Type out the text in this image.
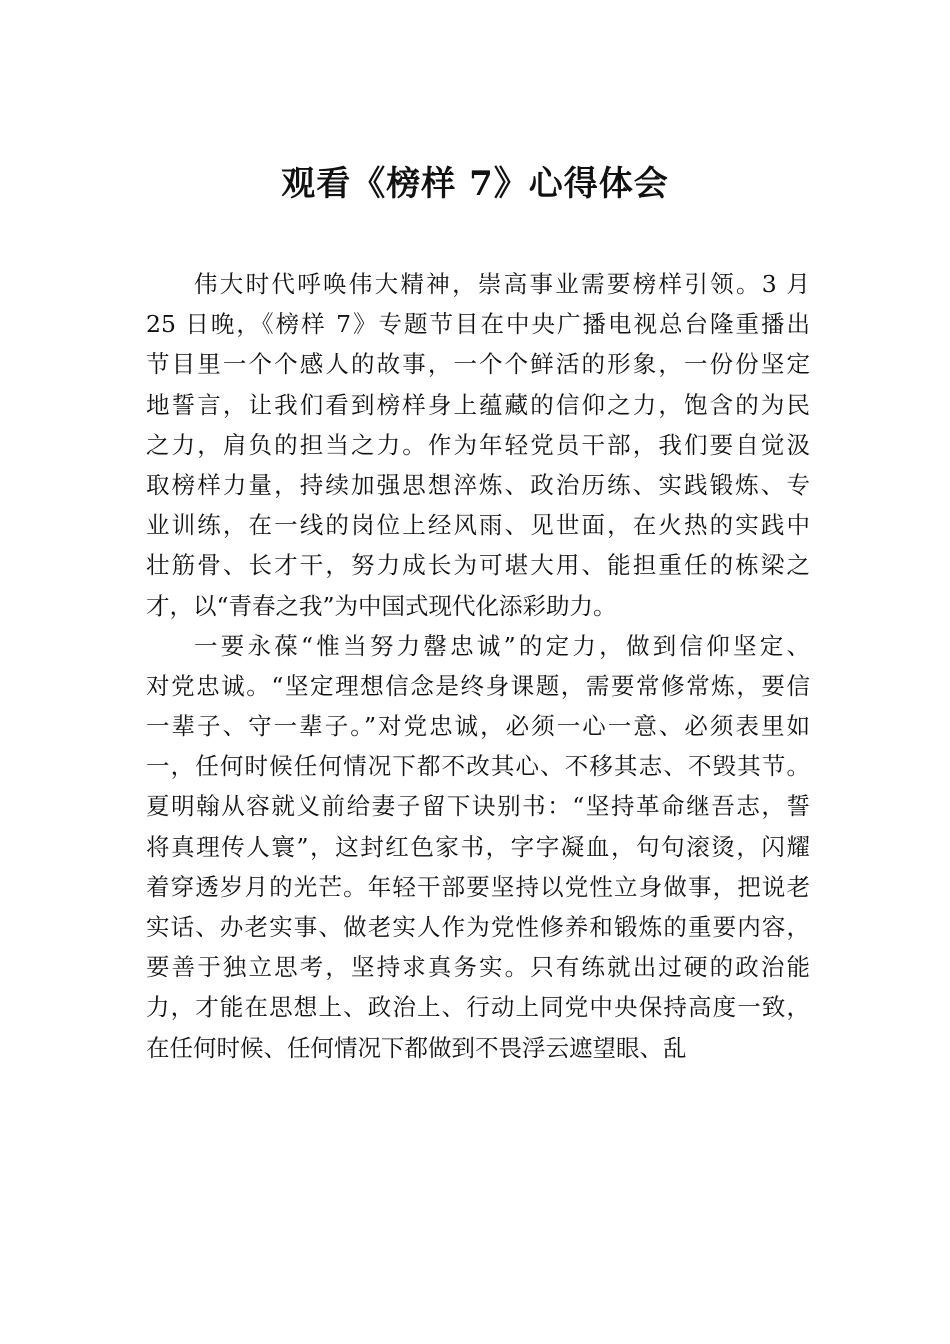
观看《榜样 7》心得体会
伟大时代呼唤伟大精神，崇高事业需要榜样引领。3 月
25 日晚，《榜样 7》专题节目在中央广播电视总台隆重播出
节目里一个个感人的故事，一个个鲜活的形象，一份份坚定
地誓言，让我们看到榜样身上蕴藏的信仰之力，饱含的为民
之力，肩负的担当之力。作为年轻党员干部，我们要自觉汲
取榜样力量，持续加强思想淬炼、政治历练、实践锻炼、专
业训练，在一线的岗位上经风雨、见世面，在火热的实践中
壮筋骨、长才干，努力成长为可堪大用、能担重任的栋梁之
才，以“青春之我”为中国式现代化添彩助力。
一要永葆“惟当努力罄忠诚”的定力，做到信仰坚定、
对党忠诚。“坚定理想信念是终身课题，需要常修常炼，要信
一辈子、守一辈子。”对党忠诚，必须一心一意、必须表里如
一，任何时候任何情况下都不改其心、不移其志、不毁其节。
夏明翰从容就义前给妻子留下诀别书：“坚持革命继吾志，誓
将真理传人寰”，这封红色家书，字字凝血，句句滚烫，闪耀
着穿透岁月的光芒。年轻干部要坚持以党性立身做事，把说老
实话、办老实事、做老实人作为党性修养和锻炼的重要内容，
要善于独立思考，坚持求真务实。只有练就出过硬的政治能
力，才能在思想上、政治上、行动上同党中央保持高度一致，
在任何时候、任何情况下都做到不畏浮云遮望眼、乱
